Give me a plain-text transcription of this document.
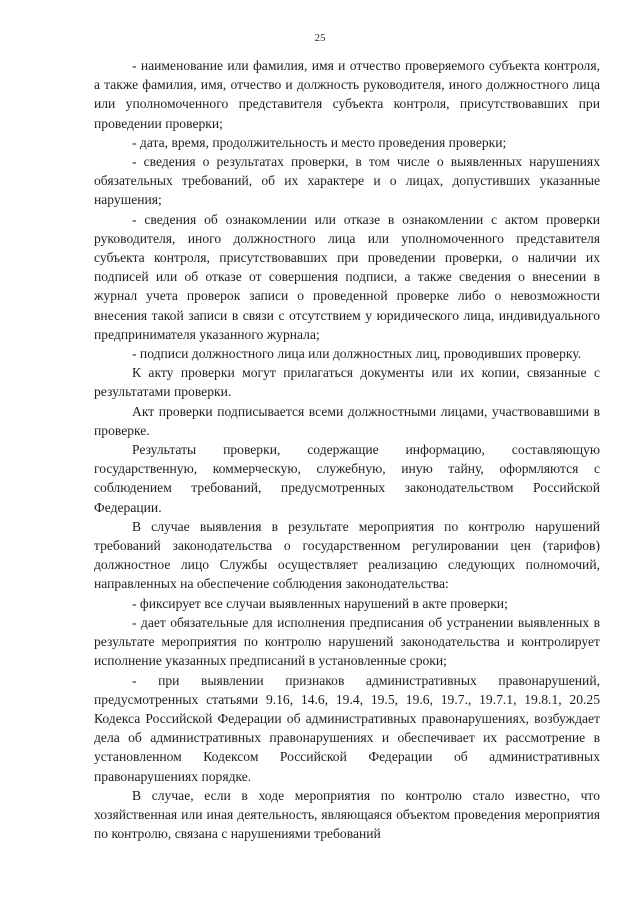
25

- наименование или фамилия, имя и отчество проверяемого субъекта контроля, а также фамилия, имя, отчество и должность руководителя, иного должностного лица или уполномоченного представителя субъекта контроля, присутствовавших при проведении проверки;

- дата, время, продолжительность и место проведения проверки;

- сведения о результатах проверки, в том числе о выявленных нарушениях обязательных требований, об их характере и о лицах, допустивших указанные нарушения;

- сведения об ознакомлении или отказе в ознакомлении с актом проверки руководителя, иного должностного лица или уполномоченного представителя субъекта контроля, присутствовавших при проведении проверки, о наличии их подписей или об отказе от совершения подписи, а также сведения о внесении в журнал учета проверок записи о проведенной проверке либо о невозможности внесения такой записи в связи с отсутствием у юридического лица, индивидуального предпринимателя указанного журнала;

- подписи должностного лица или должностных лиц, проводивших проверку.

К акту проверки могут прилагаться документы или их копии, связанные с результатами проверки.

Акт проверки подписывается всеми должностными лицами, участвовавшими в проверке.

Результаты проверки, содержащие информацию, составляющую государственную, коммерческую, служебную, иную тайну, оформляются с соблюдением требований, предусмотренных законодательством Российской Федерации.

В случае выявления в результате мероприятия по контролю нарушений требований законодательства о государственном регулировании цен (тарифов) должностное лицо Службы осуществляет реализацию следующих полномочий, направленных на обеспечение соблюдения законодательства:

- фиксирует все случаи выявленных нарушений в акте проверки;

- дает обязательные для исполнения предписания об устранении выявленных в результате мероприятия по контролю нарушений законодательства и контролирует исполнение указанных предписаний в установленные сроки;

- при выявлении признаков административных правонарушений, предусмотренных статьями 9.16, 14.6, 19.4, 19.5, 19.6, 19.7., 19.7.1, 19.8.1, 20.25 Кодекса Российской Федерации об административных правонарушениях, возбуждает дела об административных правонарушениях и обеспечивает их рассмотрение в установленном Кодексом Российской Федерации об административных правонарушениях порядке.

В случае, если в ходе мероприятия по контролю стало известно, что хозяйственная или иная деятельность, являющаяся объектом проведения мероприятия по контролю, связана с нарушениями требований
